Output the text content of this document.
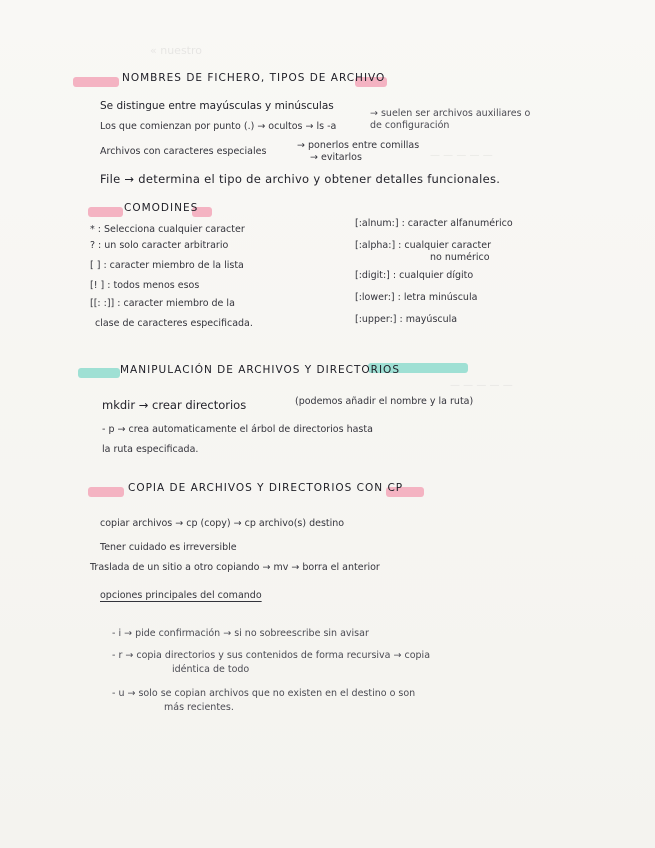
« nuestro
— — — — —
— — — — —
NOMBRES DE FICHERO, TIPOS DE ARCHIVO
Se distingue entre mayúsculas y minúsculas
Los que comienzan por punto (.) → ocultos → ls -a
→ suelen ser archivos auxiliares o de configuración
Archivos con caracteres especiales
→ ponerlos entre comillas
→ evitarlos
File → determina el tipo de archivo y obtener detalles funcionales.
COMODINES
* : Selecciona cualquier caracter
? : un solo caracter arbitrario
[ ] : caracter miembro de la lista
[! ] : todos menos esos
[[: :]] : caracter miembro de la
clase de caracteres especificada.
[:alnum:] : caracter alfanumérico
[:alpha:] : cualquier caracter
no numérico
[:digit:] : cualquier dígito
[:lower:] : letra minúscula
[:upper:] : mayúscula
MANIPULACIÓN DE ARCHIVOS Y DIRECTORIOS
mkdir → crear directorios	(podemos añadir el nombre y la ruta)
- p → crea automaticamente el árbol de directorios hasta
la ruta especificada.
COPIA DE ARCHIVOS Y DIRECTORIOS CON CP
copiar archivos → cp (copy) → cp archivo(s) destino
Tener cuidado es irreversible
Traslada de un sitio a otro copiando → mv → borra el anterior
opciones principales del comando
- i → pide confirmación → si no sobreescribe sin avisar
- r → copia directorios y sus contenidos de forma recursiva → copia
idéntica de todo
- u → solo se copian archivos que no existen en el destino o son
más recientes.
